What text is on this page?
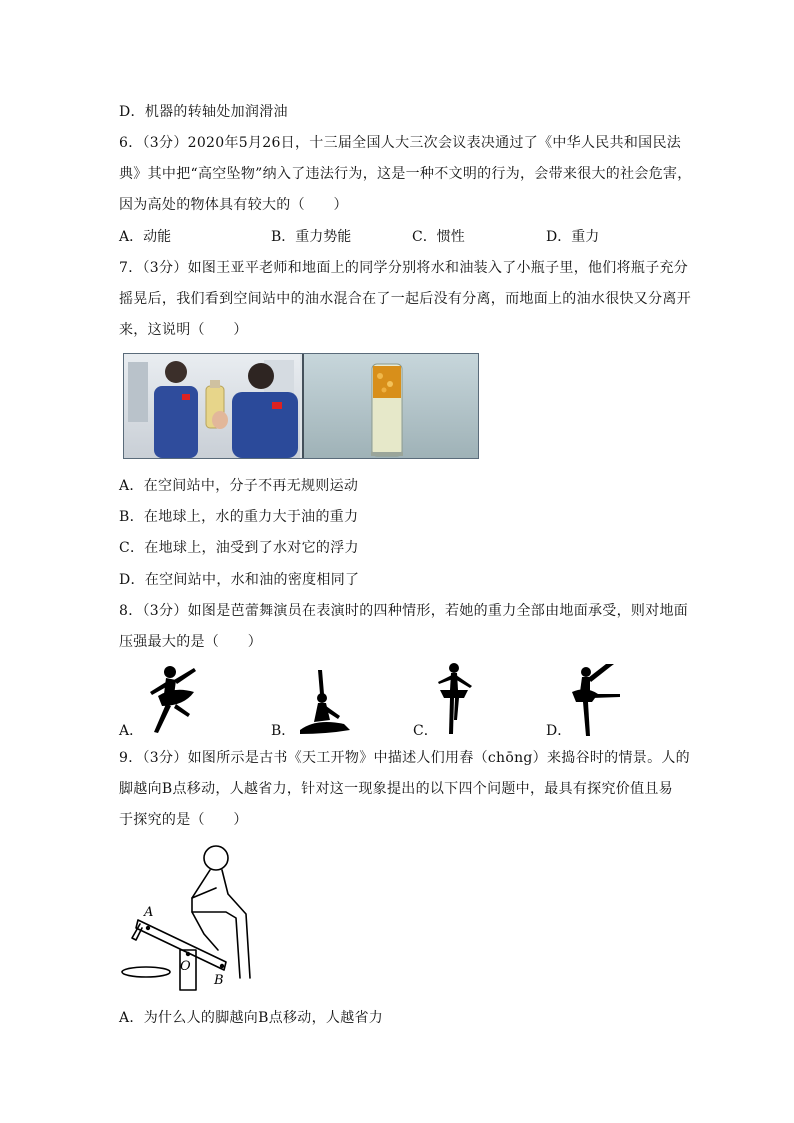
D．机器的转轴处加润滑油
6．（3分）2020年5月26日，十三届全国人大三次会议表决通过了《中华人民共和国民法
典》其中把“高空坠物”纳入了违法行为，这是一种不文明的行为，会带来很大的社会危害，
因为高处的物体具有较大的（　　）
A．动能	B．重力势能	C．惯性	D．重力
7．（3分）如图王亚平老师和地面上的同学分别将水和油装入了小瓶子里，他们将瓶子充分
摇晃后，我们看到空间站中的油水混合在了一起后没有分离，而地面上的油水很快又分离开
来，这说明（　　）
A．在空间站中，分子不再无规则运动
B．在地球上，水的重力大于油的重力
C．在地球上，油受到了水对它的浮力
D．在空间站中，水和油的密度相同了
8．（3分）如图是芭蕾舞演员在表演时的四种情形，若她的重力全部由地面承受，则对地面
压强最大的是（　　）
A．	B．	C．	D．
9．（3分）如图所示是古书《天工开物》中描述人们用舂（chōng）来捣谷时的情景。人的
脚越向B点移动，人越省力，针对这一现象提出的以下四个问题中，最具有探究价值且易
于探究的是（　　）
A
O
B
A．为什么人的脚越向B点移动，人越省力
